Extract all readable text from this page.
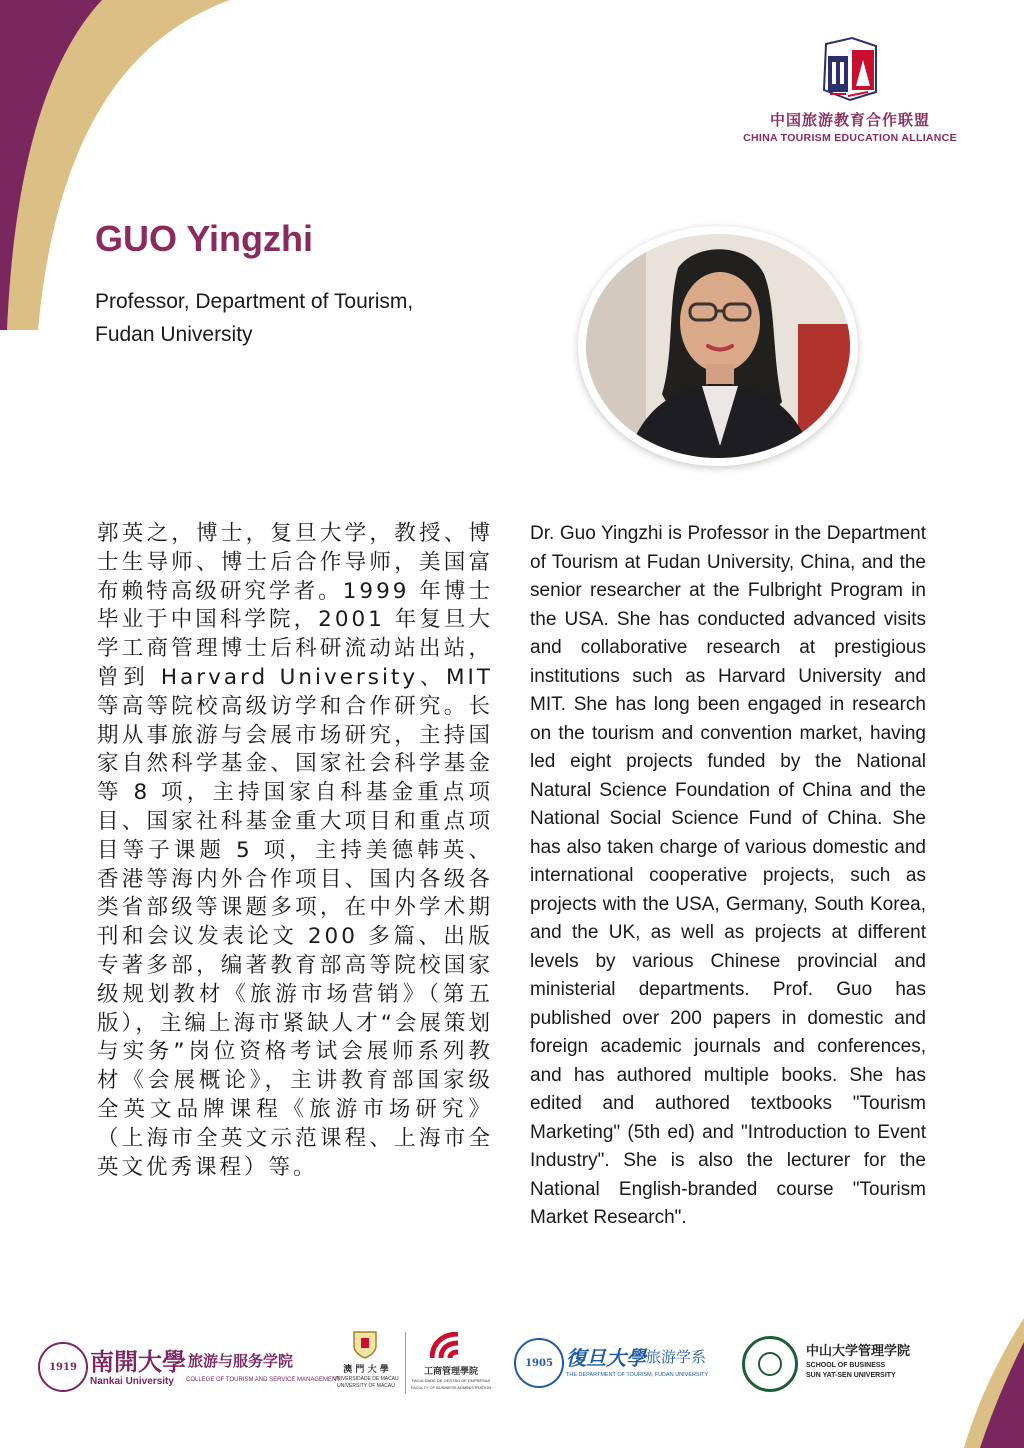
中国旅游教育合作联盟
CHINA TOURISM EDUCATION ALLIANCE
GUO Yingzhi
Professor, Department of Tourism,
Fudan University
郭英之，博士，复旦大学，教授、博士生导师、博士后合作导师，美国富布赖特高级研究学者。1999 年博士毕业于中国科学院，2001 年复旦大学工商管理博士后科研流动站出站，曾到 Harvard University、MIT 等高等院校高级访学和合作研究。长期从事旅游与会展市场研究，主持国家自然科学基金、国家社会科学基金等 8 项，主持国家自科基金重点项目、国家社科基金重大项目和重点项目等子课题 5 项，主持美德韩英、香港等海内外合作项目、国内各级各类省部级等课题多项，在中外学术期刊和会议发表论文 200 多篇、出版专著多部，编著教育部高等院校国家级规划教材《旅游市场营销》（第五版），主编上海市紧缺人才“会展策划与实务”岗位资格考试会展师系列教材《会展概论》，主讲教育部国家级全英文品牌课程《旅游市场研究》（上海市全英文示范课程、上海市全英文优秀课程）等。
Dr. Guo Yingzhi is Professor in the Department of Tourism at Fudan University, China, and the senior researcher at the Fulbright Program in the USA. She has conducted advanced visits and collaborative research at prestigious institutions such as Harvard University and MIT. She has long been engaged in research on the tourism and convention market, having led eight projects funded by the National Natural Science Foundation of China and the National Social Science Fund of China. She has also taken charge of various domestic and international cooperative projects, such as projects with the USA, Germany, South Korea, and the UK, as well as projects at different levels by various Chinese provincial and ministerial departments. Prof. Guo has published over 200 papers in domestic and foreign academic journals and conferences, and has authored multiple books. She has edited and authored textbooks "Tourism Marketing" (5th ed) and "Introduction to Event Industry". She is also the lecturer for the National English-branded course "Tourism Market Research".
1919 南開大學 旅游与服务学院
Nankai University COLLEGE OF TOURISM AND SERVICE MANAGEMENT
澳 門 大 學
UNIVERSIDADE DE MACAU
UNIVERSITY OF MACAU
工商管理學院
FACULDADE DE GESTÃO DE EMPRESAS
FACULTY OF BUSINESS ADMINISTRATION
1905 復旦大學 旅游学系
THE DEPARTMENT OF TOURISM, FUDAN UNIVERSITY
中山大学管理学院
SCHOOL OF BUSINESS
SUN YAT-SEN UNIVERSITY	6
